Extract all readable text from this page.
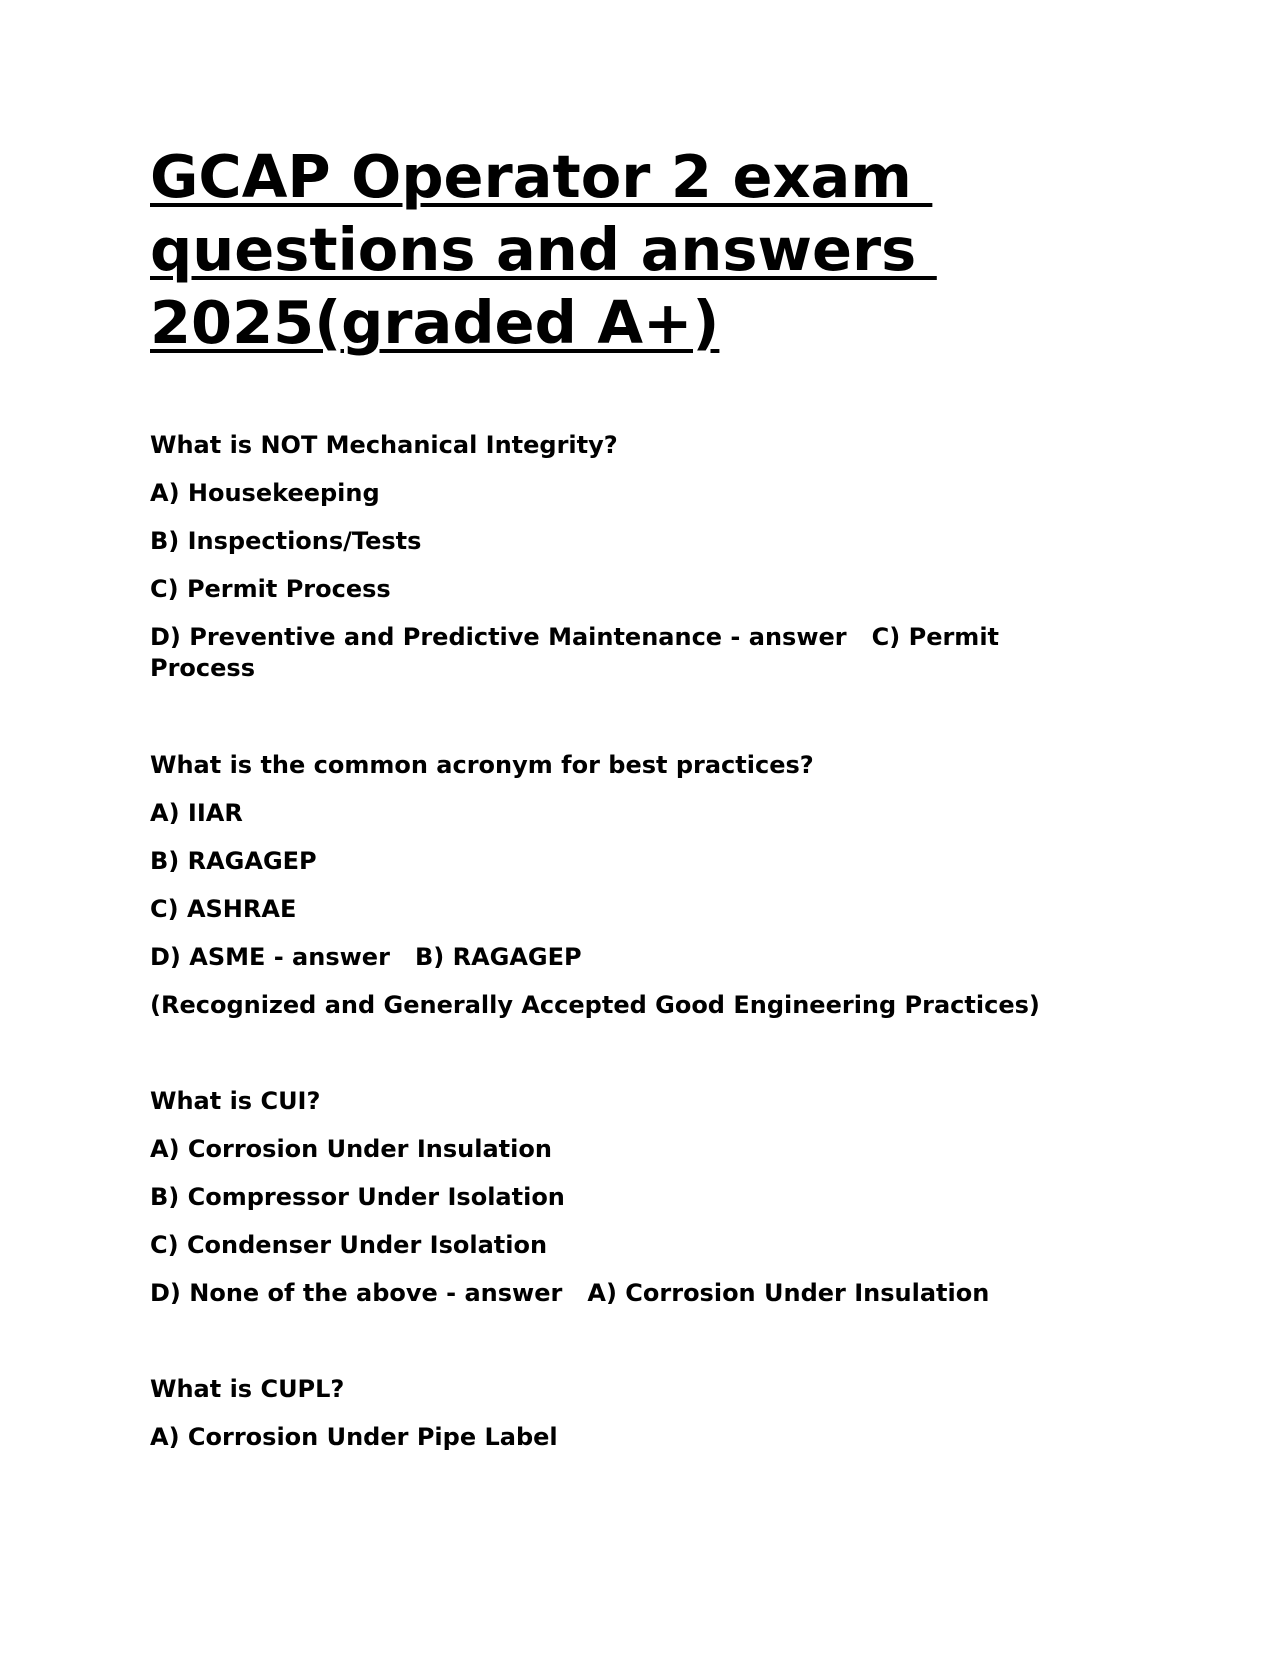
GCAP Operator 2 exam
questions and answers
2025(graded A+)

What is NOT Mechanical Integrity?

A) Housekeeping

B) Inspections/Tests

C) Permit Process

D) Preventive and Predictive Maintenance - answer   C) Permit Process

What is the common acronym for best practices?

A) IIAR

B) RAGAGEP

C) ASHRAE

D) ASME - answer   B) RAGAGEP

(Recognized and Generally Accepted Good Engineering Practices)

What is CUI?

A) Corrosion Under Insulation

B) Compressor Under Isolation

C) Condenser Under Isolation

D) None of the above - answer   A) Corrosion Under Insulation

What is CUPL?

A) Corrosion Under Pipe Label
